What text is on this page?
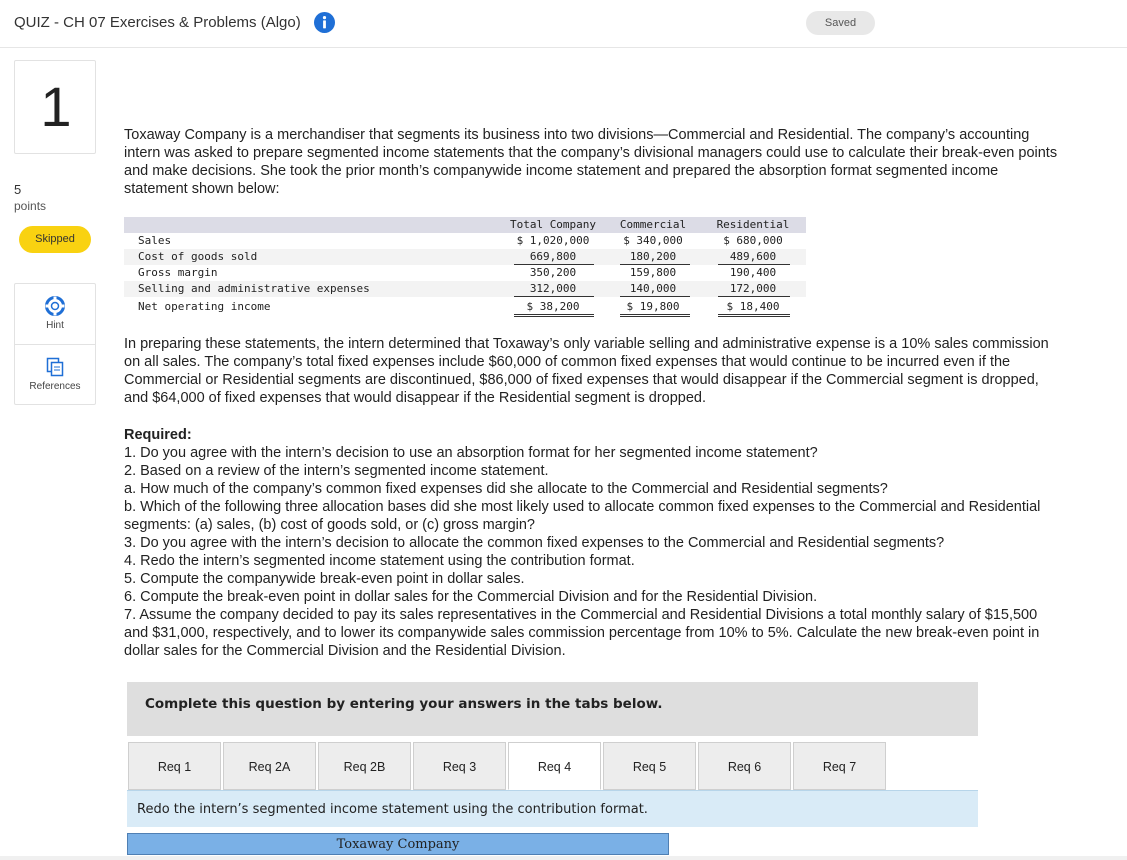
QUIZ - CH 07 Exercises & Problems (Algo)	Saved
1
5
points
Skipped
Hint
References
Toxaway Company is a merchandiser that segments its business into two divisions—Commercial and Residential. The company’s accounting intern was asked to prepare segmented income statements that the company’s divisional managers could use to calculate their break-even points and make decisions. She took the prior month’s companywide income statement and prepared the absorption format segmented income statement shown below:
Total Company	Commercial	Residential
Sales	$ 1,020,000	$ 340,000	$ 680,000
Cost of goods sold	669,800	180,200	489,600
Gross margin	350,200	159,800	190,400
Selling and administrative expenses	312,000	140,000	172,000
Net operating income	$ 38,200	$ 19,800	$ 18,400
In preparing these statements, the intern determined that Toxaway’s only variable selling and administrative expense is a 10% sales commission on all sales. The company’s total fixed expenses include $60,000 of common fixed expenses that would continue to be incurred even if the Commercial or Residential segments are discontinued, $86,000 of fixed expenses that would disappear if the Commercial segment is dropped, and $64,000 of fixed expenses that would disappear if the Residential segment is dropped.
Required:
1. Do you agree with the intern’s decision to use an absorption format for her segmented income statement?
2. Based on a review of the intern’s segmented income statement.
a. How much of the company’s common fixed expenses did she allocate to the Commercial and Residential segments?
b. Which of the following three allocation bases did she most likely used to allocate common fixed expenses to the Commercial and Residential segments: (a) sales, (b) cost of goods sold, or (c) gross margin?
3. Do you agree with the intern’s decision to allocate the common fixed expenses to the Commercial and Residential segments?
4. Redo the intern’s segmented income statement using the contribution format.
5. Compute the companywide break-even point in dollar sales.
6. Compute the break-even point in dollar sales for the Commercial Division and for the Residential Division.
7. Assume the company decided to pay its sales representatives in the Commercial and Residential Divisions a total monthly salary of $15,500 and $31,000, respectively, and to lower its companywide sales commission percentage from 10% to 5%. Calculate the new break-even point in dollar sales for the Commercial Division and the Residential Division.
Complete this question by entering your answers in the tabs below.
Req 1	Req 2A	Req 2B	Req 3	Req 4	Req 5	Req 6	Req 7
Redo the intern’s segmented income statement using the contribution format.
Toxaway Company
